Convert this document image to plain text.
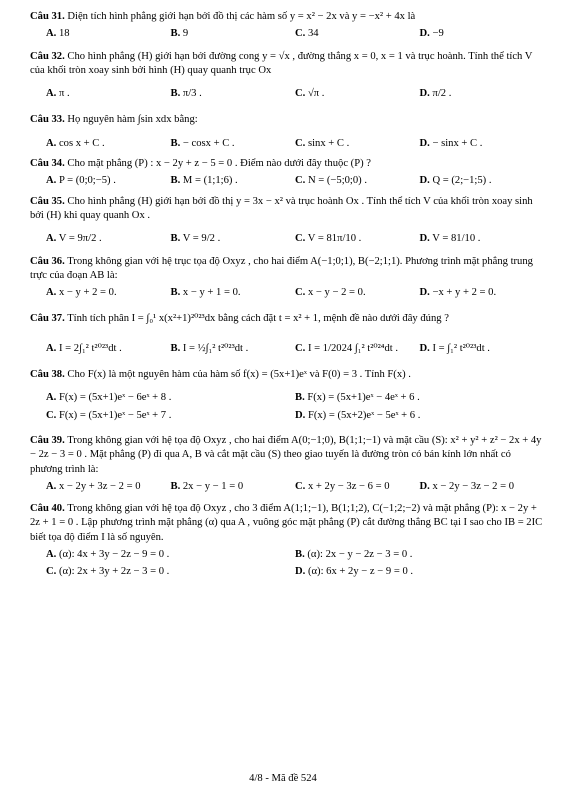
Câu 31. Diện tích hình phẳng giới hạn bởi đồ thị các hàm số y = x² − 2x và y = −x² + 4x là

A. 18	B. 9	C. 34	D. −9

Câu 32. Cho hình phẳng (H) giới hạn bởi đường cong y = √x , đường thẳng x = 0, x = 1 và trục hoành. Tính thể tích V của khối tròn xoay sinh bởi hình (H) quay quanh trục Ox

A. π .	B. π/3 .	C. √π .	D. π/2 .

Câu 33. Họ nguyên hàm ∫sin xdx bằng:

A. cos x + C .	B. − cosx + C .	C. sinx + C .	D. − sinx + C .

Câu 34. Cho mặt phẳng (P) : x − 2y + z − 5 = 0 . Điểm nào dưới đây thuộc (P) ?

A. P = (0;0;−5) .	B. M = (1;1;6) .	C. N = (−5;0;0) .	D. Q = (2;−1;5) .

Câu 35. Cho hình phẳng (H) giới hạn bởi đồ thị y = 3x − x² và trục hoành Ox . Tính thể tích V của khối tròn xoay sinh bởi (H) khi quay quanh Ox .

A. V = 9π/2 .	B. V = 9/2 .	C. V = 81π/10 .	D. V = 81/10 .

Câu 36. Trong không gian với hệ trục tọa độ Oxyz , cho hai điểm A(−1;0;1), B(−2;1;1). Phương trình mặt phẳng trung trực của đoạn AB là:

A. x − y + 2 = 0.	B. x − y + 1 = 0.	C. x − y − 2 = 0.	D. −x + y + 2 = 0.

Câu 37. Tính tích phân I = ∫₀¹ x(x²+1)²⁰²³dx bằng cách đặt t = x² + 1, mệnh đề nào dưới đây đúng ?

A. I = 2∫₁² t²⁰²³dt .	B. I = ½∫₁² t²⁰²³dt .	C. I = 1/2024 ∫₁² t²⁰²⁴dt .	D. I = ∫₁² t²⁰²³dt .

Câu 38. Cho F(x) là một nguyên hàm của hàm số f(x) = (5x+1)eˣ và F(0) = 3 . Tính F(x) .

A. F(x) = (5x+1)eˣ − 6eˣ + 8 .	B. F(x) = (5x+1)eˣ − 4eˣ + 6 .
C. F(x) = (5x+1)eˣ − 5eˣ + 7 .	D. F(x) = (5x+2)eˣ − 5eˣ + 6 .

Câu 39. Trong không gian với hệ tọa độ Oxyz , cho hai điểm A(0;−1;0), B(1;1;−1) và mặt cầu (S): x² + y² + z² − 2x + 4y − 2z − 3 = 0 . Mặt phẳng (P) đi qua A, B và cắt mặt cầu (S) theo giao tuyến là đường tròn có bán kính lớn nhất có phương trình là:

A. x − 2y + 3z − 2 = 0	B. 2x − y − 1 = 0	C. x + 2y − 3z − 6 = 0	D. x − 2y − 3z − 2 = 0

Câu 40. Trong không gian với hệ tọa độ Oxyz , cho 3 điểm A(1;1;−1), B(1;1;2), C(−1;2;−2) và mặt phẳng (P): x − 2y + 2z + 1 = 0 . Lập phương trình mặt phẳng (α) qua A , vuông góc mặt phẳng (P) cắt đường thẳng BC tại I sao cho IB = 2IC biết tọa độ điểm I là số nguyên.

A. (α): 4x + 3y − 2z − 9 = 0 .	B. (α): 2x − y − 2z − 3 = 0 .
C. (α): 2x + 3y + 2z − 3 = 0 .	D. (α): 6x + 2y − z − 9 = 0 .
4/8 - Mã đề 524
